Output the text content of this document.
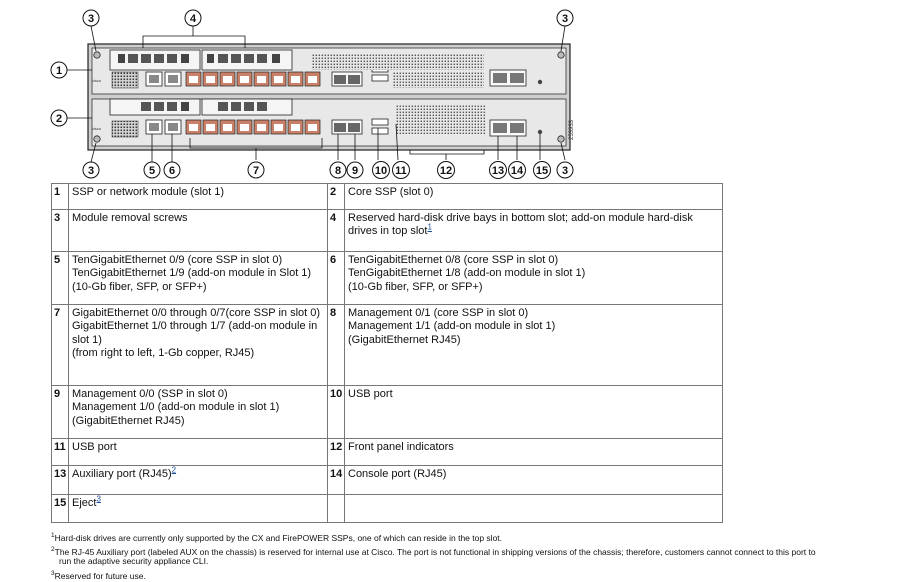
cisco
cisco	253933
1
2
3	3
4
3	5 6	7	8 9 10 11	12	13 14 15 3
1	SSP or network module (slot 1)	2	Core SSP (slot 0)
3	Module removal screws	4	Reserved hard-disk drive bays in bottom slot; add-on module hard-disk drives in top slot$^1$
5	TenGigabitEthernet 0/9 (core SSP in slot 0)
TenGigabitEthernet 1/9 (add-on module in Slot 1)
(10-Gb fiber, SFP, or SFP+)	6	TenGigabitEthernet 0/8 (core SSP in slot 0)
TenGigabitEthernet 1/8 (add-on module in slot 1)
(10-Gb fiber, SFP, or SFP+)
7	GigabitEthernet 0/0 through 0/7(core SSP in slot 0)
GigabitEthernet 1/0 through 1/7 (add-on module in slot 1)
(from right to left, 1-Gb copper, RJ45)	8	Management 0/1 (core SSP in slot 0)
Management 1/1 (add-on module in slot 1)
(GigabitEthernet RJ45)
9	Management 0/0 (SSP in slot 0)
Management 1/0 (add-on module in slot 1)
(GigabitEthernet RJ45)	10	USB port
11	USB port	12	Front panel indicators
13	Auxiliary port (RJ45)$^2$	14	Console port (RJ45)
15	Eject$^3$		
$^1$Hard-disk drives are currently only supported by the CX and FirePOWER SSPs, one of which can reside in the top slot.
$^2$The RJ-45 Auxiliary port (labeled AUX on the chassis) is reserved for internal use at Cisco. The port is not functional in shipping versions of the chassis; therefore, customers cannot connect to this port to
run the adaptive security appliance CLI.
$^3$Reserved for future use.
